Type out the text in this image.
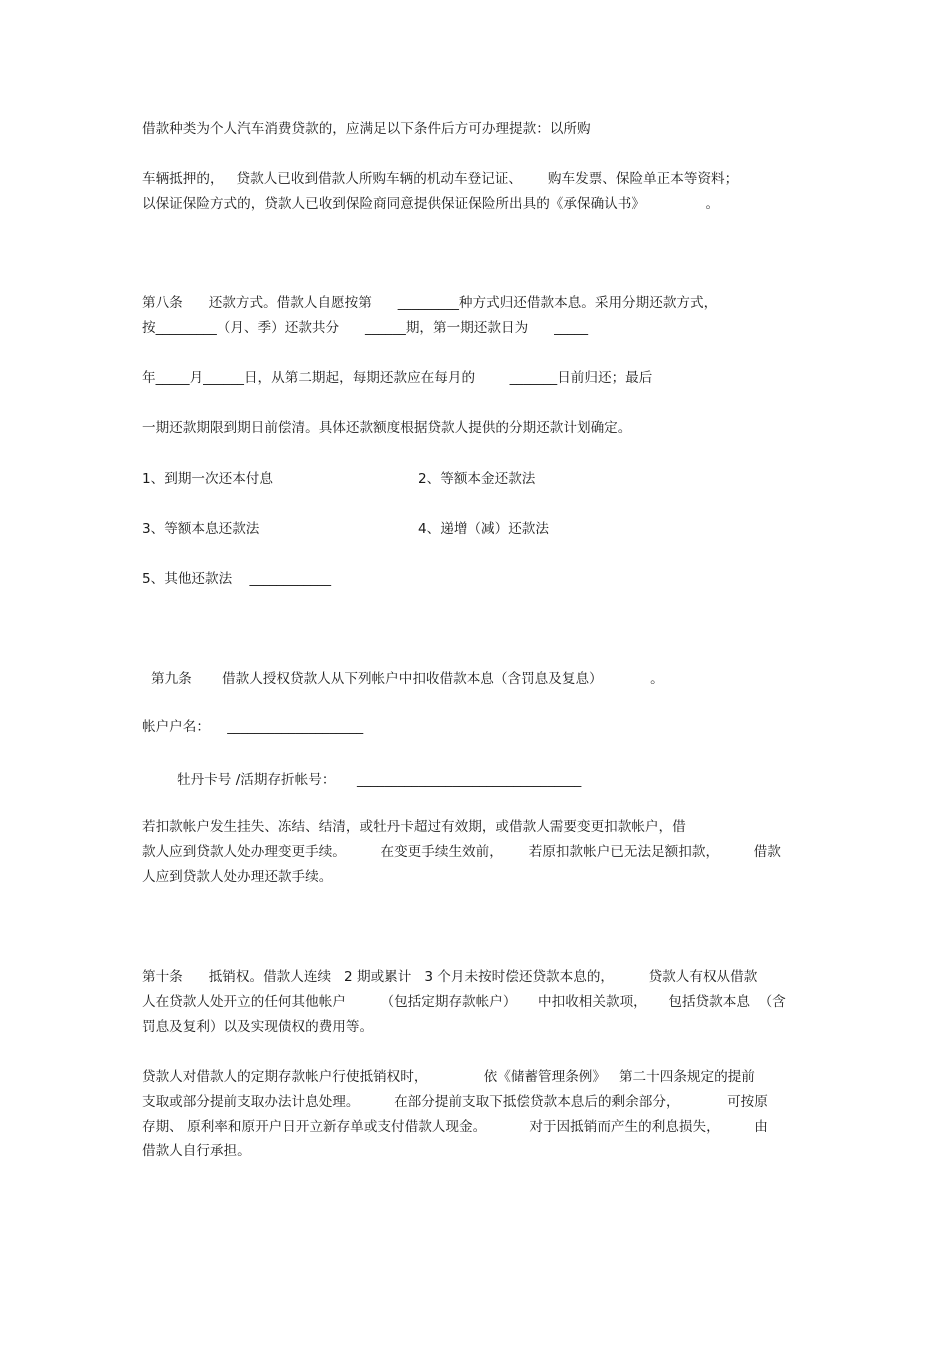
借款种类为个人汽车消费贷款的，应满足以下条件后方可办理提款：以所购
车辆抵押的，   贷款人已收到借款人所购车辆的机动车登记证、      购车发票、保险单正本等资料；
以保证保险方式的，贷款人已收到保险商同意提供保证保险所出具的《承保确认书》              。
第八条      还款方式。借款人自愿按第      _________种方式归还借款本息。采用分期还款方式，
按_________（月、季）还款共分      ______期，第一期还款日为      _____
年_____月______日，从第二期起，每期还款应在每月的        _______日前归还；最后
一期还款期限到期日前偿清。具体还款额度根据贷款人提供的分期还款计划确定。
1、到期一次还本付息	2、等额本金还款法
3、等额本息还款法	4、递增（减）还款法
5、其他还款法    ____________
第九条       借款人授权贷款人从下列帐户中扣收借款本息（含罚息及复息）           。
帐户户名：    ____________________
牡丹卡号 /活期存折帐号：     _________________________________
若扣款帐户发生挂失、冻结、结清，或牡丹卡超过有效期，或借款人需要变更扣款帐户，借
款人应到贷款人处办理变更手续。        在变更手续生效前，      若原扣款帐户已无法足额扣款，        借款
人应到贷款人处办理还款手续。
第十条      抵销权。借款人连续   2 期或累计   3 个月未按时偿还贷款本息的，        贷款人有权从借款
人在贷款人处开立的任何其他帐户        （包括定期存款帐户）     中扣收相关款项，     包括贷款本息  （含
罚息及复利）以及实现债权的费用等。
贷款人对借款人的定期存款帐户行使抵销权时，             依《储蓄管理条例》   第二十四条规定的提前
支取或部分提前支取办法计息处理。        在部分提前支取下抵偿贷款本息后的剩余部分，           可按原
存期、 原利率和原开户日开立新存单或支付借款人现金。          对于因抵销而产生的利息损失，        由
借款人自行承担。
